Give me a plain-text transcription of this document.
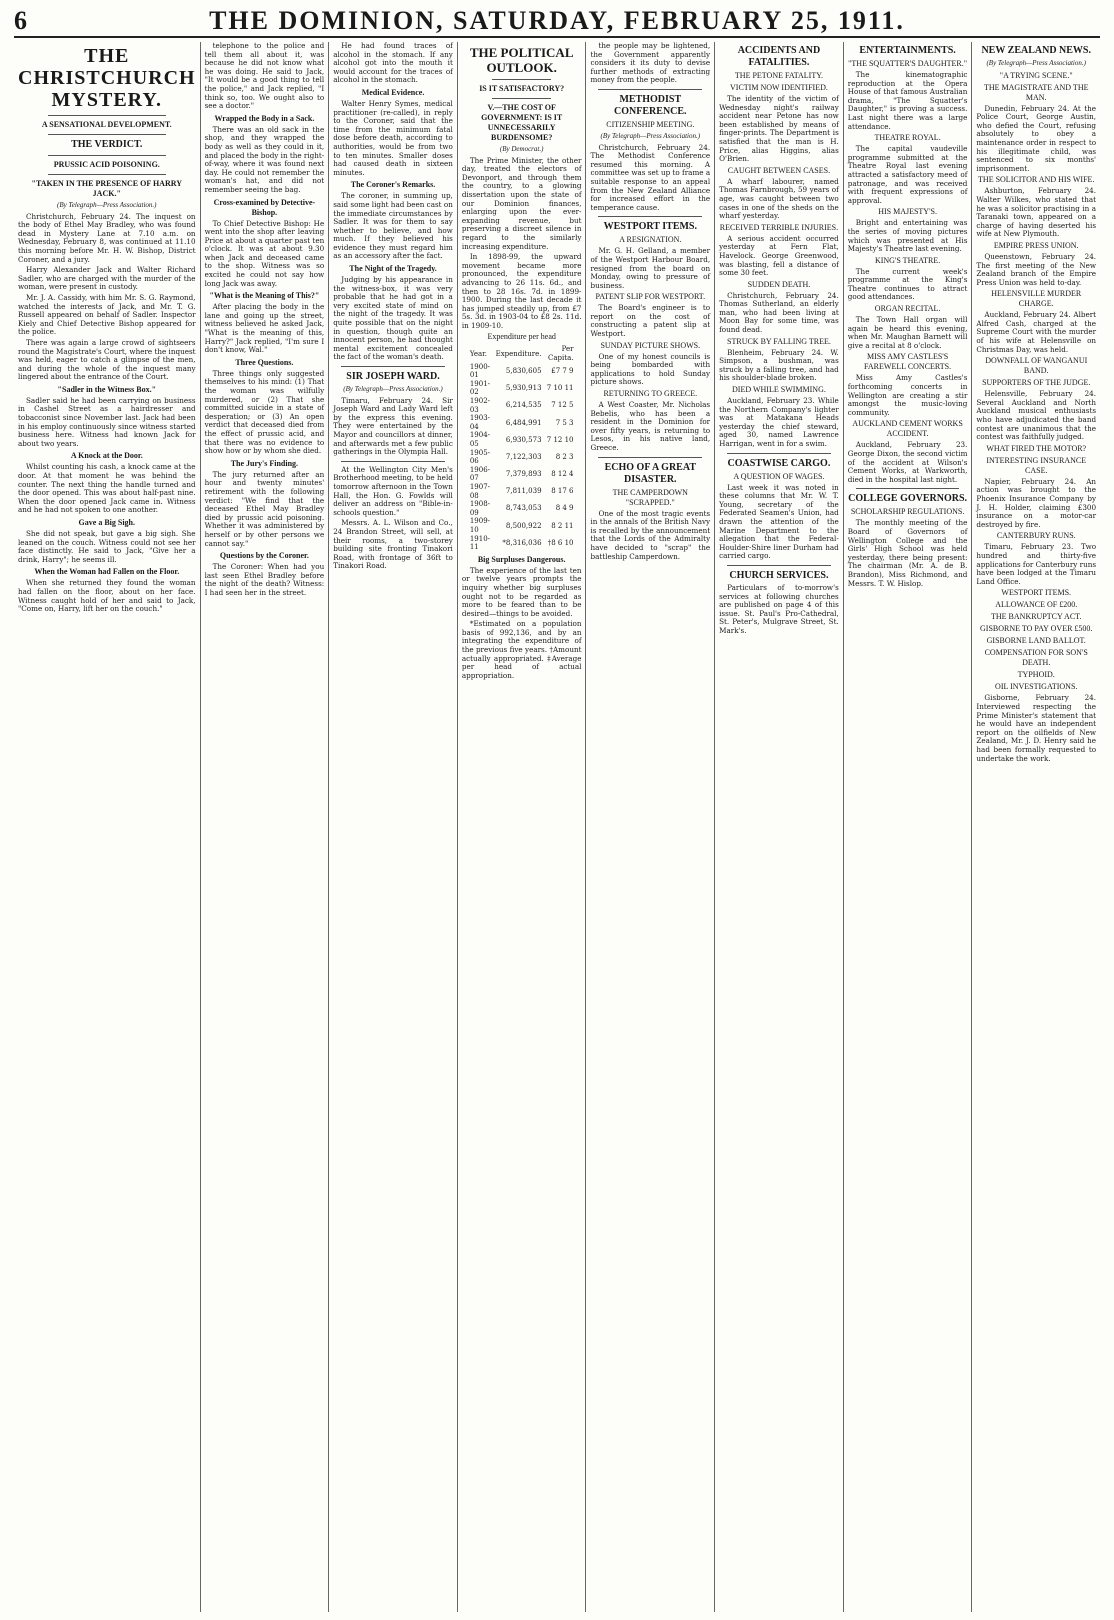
6	THE DOMINION, SATURDAY, FEBRUARY 25, 1911.
THE CHRISTCHURCH MYSTERY.
A SENSATIONAL DEVELOPMENT.
THE VERDICT.
PRUSSIC ACID POISONING.
"TAKEN IN THE PRESENCE OF HARRY JACK."
(By Telegraph—Press Association.)

Christchurch, February 24. The inquest on the body of Ethel May Bradley, who was found dead in Mystery Lane at 7.10 a.m. on Wednesday, February 8, was continued at 11.10 this morning before Mr. H. W. Bishop, District Coroner, and a jury.

Harry Alexander Jack and Walter Richard Sadler, who are charged with the murder of the woman, were present in custody.

Mr. J. A. Cassidy, with him Mr. S. G. Raymond, watched the interests of Jack, and Mr. T. G. Russell appeared on behalf of Sadler. Inspector Kiely and Chief Detective Bishop appeared for the police.

There was again a large crowd of sightseers round the Magistrate's Court, where the inquest was held, eager to catch a glimpse of the men, and during the whole of the inquest many lingered about the entrance of the Court.

"Sadler in the Witness Box."

Sadler said he had been carrying on business in Cashel Street as a hairdresser and tobacconist since November last. Jack had been in his employ continuously since witness started business here. Witness had known Jack for about two years.

A Knock at the Door.

Whilst counting his cash, a knock came at the door. At that moment he was behind the counter. The next thing the handle turned and the door opened. This was about half-past nine. When the door opened Jack came in. Witness and he had not spoken to one another.

Gave a Big Sigh.

She did not speak, but gave a big sigh. She leaned on the couch. Witness could not see her face distinctly. He said to Jack, "Give her a drink, Harry"; he seems ill.

When the Woman had Fallen on the Floor.

When she returned they found the woman had fallen on the floor, about on her face. Witness caught hold of her and said to Jack, "Come on, Harry, lift her on the couch."

telephone to the police and tell them all about it, was because he did not know what he was doing. He said to Jack, "It would be a good thing to tell the police," and Jack replied, "I think so, too. We ought also to see a doctor."

Wrapped the Body in a Sack.

There was an old sack in the shop, and they wrapped the body as well as they could in it, and placed the body in the right-of-way, where it was found next day. He could not remember the woman's hat, and did not remember seeing the bag.

Cross-examined by Detective-Bishop.

To Chief Detective Bishop: He went into the shop after leaving Price at about a quarter past ten o'clock. It was at about 9.30 when Jack and deceased came to the shop. Witness was so excited he could not say how long Jack was away.

"What is the Meaning of This?"

After placing the body in the lane and going up the street, witness believed he asked Jack, "What is the meaning of this, Harry?" Jack replied, "I'm sure I don't know, Wal."

Three Questions.

Three things only suggested themselves to his mind: (1) That the woman was wilfully murdered, or (2) That she committed suicide in a state of desperation; or (3) An open verdict that deceased died from the effect of prussic acid, and that there was no evidence to show how or by whom she died.

The Jury's Finding.

The jury returned after an hour and twenty minutes' retirement with the following verdict: "We find that the deceased Ethel May Bradley died by prussic acid poisoning. Whether it was administered by herself or by other persons we cannot say."

Questions by the Coroner.

The Coroner: When had you last seen Ethel Bradley before the night of the death? Witness: I had seen her in the street.

He had found traces of alcohol in the stomach. If any alcohol got into the mouth it would account for the traces of alcohol in the stomach.

Medical Evidence.

Walter Henry Symes, medical practitioner (re-called), in reply to the Coroner, said that the time from the minimum fatal dose before death, according to authorities, would be from two to ten minutes. Smaller doses had caused death in sixteen minutes.

The Coroner's Remarks.

The coroner, in summing up, said some light had been cast on the immediate circumstances by Sadler. It was for them to say whether to believe, and how much. If they believed his evidence they must regard him as an accessory after the fact.

The Night of the Tragedy.

Judging by his appearance in the witness-box, it was very probable that he had got in a very excited state of mind on the night of the tragedy. It was quite possible that on the night in question, though quite an innocent person, he had thought mental excitement concealed the fact of the woman's death.

SIR JOSEPH WARD.
(By Telegraph—Press Association.)

Timaru, February 24. Sir Joseph Ward and Lady Ward left by the express this evening. They were entertained by the Mayor and councillors at dinner, and afterwards met a few public gatherings in the Olympia Hall.

At the Wellington City Men's Brotherhood meeting, to be held tomorrow afternoon in the Town Hall, the Hon. G. Fowlds will deliver an address on "Bible-in-schools question."

Messrs. A. L. Wilson and Co., 24 Brandon Street, will sell, at their rooms, a two-storey building site fronting Tinakori Road, with frontage of 36ft to Tinakori Road.

THE POLITICAL OUTLOOK.
IS IT SATISFACTORY?
V.—THE COST OF GOVERNMENT: IS IT UNNECESSARILY BURDENSOME?
(By Democrat.)

The Prime Minister, the other day, treated the electors of Devonport, and through them the country, to a glowing dissertation upon the state of our Dominion finances, enlarging upon the ever-expanding revenue, but preserving a discreet silence in regard to the similarly increasing expenditure.

In 1898-99, the upward movement became more pronounced, the expenditure advancing to 26 11s. 6d., and then to 28 16s. 7d. in 1899-1900. During the last decade it has jumped steadily up, from £7 5s. 3d. in 1903-04 to £8 2s. 11d. in 1909-10.

Expenditure per head
Year.	Expenditure.	Per Capita.
1900-01	5,830,605	£7 7 9
1901-02	5,930,913	7 10 11
1902-03	6,214,535	7 12 5
1903-04	6,484,991	7 5 3
1904-05	6,930,573	7 12 10
1905-06	7,122,303	8 2 3
1906-07	7,379,893	8 12 4
1907-08	7,811,039	8 17 6
1908-09	8,743,053	8 4 9
1909-10	8,500,922	8 2 11
1910-11	*8,316,036	†8 6 10
Big Surpluses Dangerous.

The experience of the last ten or twelve years prompts the inquiry whether big surpluses ought not to be regarded as more to be feared than to be desired—things to be avoided.

*Estimated on a population basis of 992,136, and by an integrating the expenditure of the previous five years. †Amount actually appropriated. ‡Average per head of actual appropriation.

the people may be lightened, the Government apparently considers it its duty to devise further methods of extracting money from the people.

METHODIST CONFERENCE.
CITIZENSHIP MEETING.
(By Telegraph—Press Association.)

Christchurch, February 24. The Methodist Conference resumed this morning. A committee was set up to frame a suitable response to an appeal from the New Zealand Alliance for increased effort in the temperance cause.

WESTPORT ITEMS.
A RESIGNATION.

Mr. G. H. Gelland, a member of the Westport Harbour Board, resigned from the board on Monday, owing to pressure of business.

PATENT SLIP FOR WESTPORT.

The Board's engineer is to report on the cost of constructing a patent slip at Westport.

SUNDAY PICTURE SHOWS.

One of my honest councils is being bombarded with applications to hold Sunday picture shows.

RETURNING TO GREECE.

A West Coaster, Mr. Nicholas Bebelis, who has been a resident in the Dominion for over fifty years, is returning to Lesos, in his native land, Greece.

ECHO OF A GREAT DISASTER.
THE CAMPERDOWN "SCRAPPED."

One of the most tragic events in the annals of the British Navy is recalled by the announcement that the Lords of the Admiralty have decided to "scrap" the battleship Camperdown.

ACCIDENTS AND FATALITIES.
THE PETONE FATALITY.
VICTIM NOW IDENTIFIED.

The identity of the victim of Wednesday night's railway accident near Petone has now been established by means of finger-prints. The Department is satisfied that the man is H. Price, alias Higgins, alias O'Brien.

CAUGHT BETWEEN CASES.

A wharf labourer, named Thomas Farnbrough, 59 years of age, was caught between two cases in one of the sheds on the wharf yesterday.

RECEIVED TERRIBLE INJURIES.

A serious accident occurred yesterday at Fern Flat, Havelock. George Greenwood, was blasting, fell a distance of some 30 feet.

SUDDEN DEATH.

Christchurch, February 24. Thomas Sutherland, an elderly man, who had been living at Moon Bay for some time, was found dead.

STRUCK BY FALLING TREE.

Blenheim, February 24. W. Simpson, a bushman, was struck by a falling tree, and had his shoulder-blade broken.

DIED WHILE SWIMMING.

Auckland, February 23. While the Northern Company's lighter was at Matakana Heads yesterday the chief steward, aged 30, named Lawrence Harrigan, went in for a swim.

COASTWISE CARGO.
A QUESTION OF WAGES.

Last week it was noted in these columns that Mr. W. T. Young, secretary of the Federated Seamen's Union, had drawn the attention of the Marine Department to the allegation that the Federal-Houlder-Shire liner Durham had carried cargo.

CHURCH SERVICES.

Particulars of to-morrow's services at following churches are published on page 4 of this issue. St. Paul's Pro-Cathedral, St. Peter's, Mulgrave Street, St. Mark's.

ENTERTAINMENTS.
"THE SQUATTER'S DAUGHTER."

The kinematographic reproduction at the Opera House of that famous Australian drama, "The Squatter's Daughter," is proving a success. Last night there was a large attendance.

THEATRE ROYAL.

The capital vaudeville programme submitted at the Theatre Royal last evening attracted a satisfactory meed of patronage, and was received with frequent expressions of approval.

HIS MAJESTY'S.

Bright and entertaining was the series of moving pictures which was presented at His Majesty's Theatre last evening.

KING'S THEATRE.

The current week's programme at the King's Theatre continues to attract good attendances.

ORGAN RECITAL.

The Town Hall organ will again be heard this evening, when Mr. Maughan Barnett will give a recital at 8 o'clock.

MISS AMY CASTLES'S FAREWELL CONCERTS.

Miss Amy Castles's forthcoming concerts in Wellington are creating a stir amongst the music-loving community.

AUCKLAND CEMENT WORKS ACCIDENT.

Auckland, February 23. George Dixon, the second victim of the accident at Wilson's Cement Works, at Warkworth, died in the hospital last night.

COLLEGE GOVERNORS.
SCHOLARSHIP REGULATIONS.

The monthly meeting of the Board of Governors of Wellington College and the Girls' High School was held yesterday, there being present: The chairman (Mr. A. de B. Brandon), Miss Richmond, and Messrs. T. W. Hislop.

NEW ZEALAND NEWS.
(By Telegraph—Press Association.)
"A TRYING SCENE."
THE MAGISTRATE AND THE MAN.

Dunedin, February 24. At the Police Court, George Austin, who defied the Court, refusing absolutely to obey a maintenance order in respect to his illegitimate child, was sentenced to six months' imprisonment.

THE SOLICITOR AND HIS WIFE.

Ashburton, February 24. Walter Wilkes, who stated that he was a solicitor practising in a Taranaki town, appeared on a charge of having deserted his wife at New Plymouth.

EMPIRE PRESS UNION.

Queenstown, February 24. The first meeting of the New Zealand branch of the Empire Press Union was held to-day.

HELENSVILLE MURDER CHARGE.

Auckland, February 24. Albert Alfred Cash, charged at the Supreme Court with the murder of his wife at Helensville on Christmas Day, was held.

DOWNFALL OF WANGANUI BAND.
SUPPORTERS OF THE JUDGE.

Helensville, February 24. Several Auckland and North Auckland musical enthusiasts who have adjudicated the band contest are unanimous that the contest was faithfully judged.

WHAT FIRED THE MOTOR?
INTERESTING INSURANCE CASE.

Napier, February 24. An action was brought to the Phoenix Insurance Company by J. H. Holder, claiming £300 insurance on a motor-car destroyed by fire.

CANTERBURY RUNS.

Timaru, February 23. Two hundred and thirty-five applications for Canterbury runs have been lodged at the Timaru Land Office.

WESTPORT ITEMS.
ALLOWANCE OF £200.
THE BANKRUPTCY ACT.
GISBORNE TO PAY OVER £500.
GISBORNE LAND BALLOT.
COMPENSATION FOR SON'S DEATH.
TYPHOID.
OIL INVESTIGATIONS.

Gisborne, February 24. Interviewed respecting the Prime Minister's statement that he would have an independent report on the oilfields of New Zealand, Mr. J. D. Henry said he had been formally requested to undertake the work.
